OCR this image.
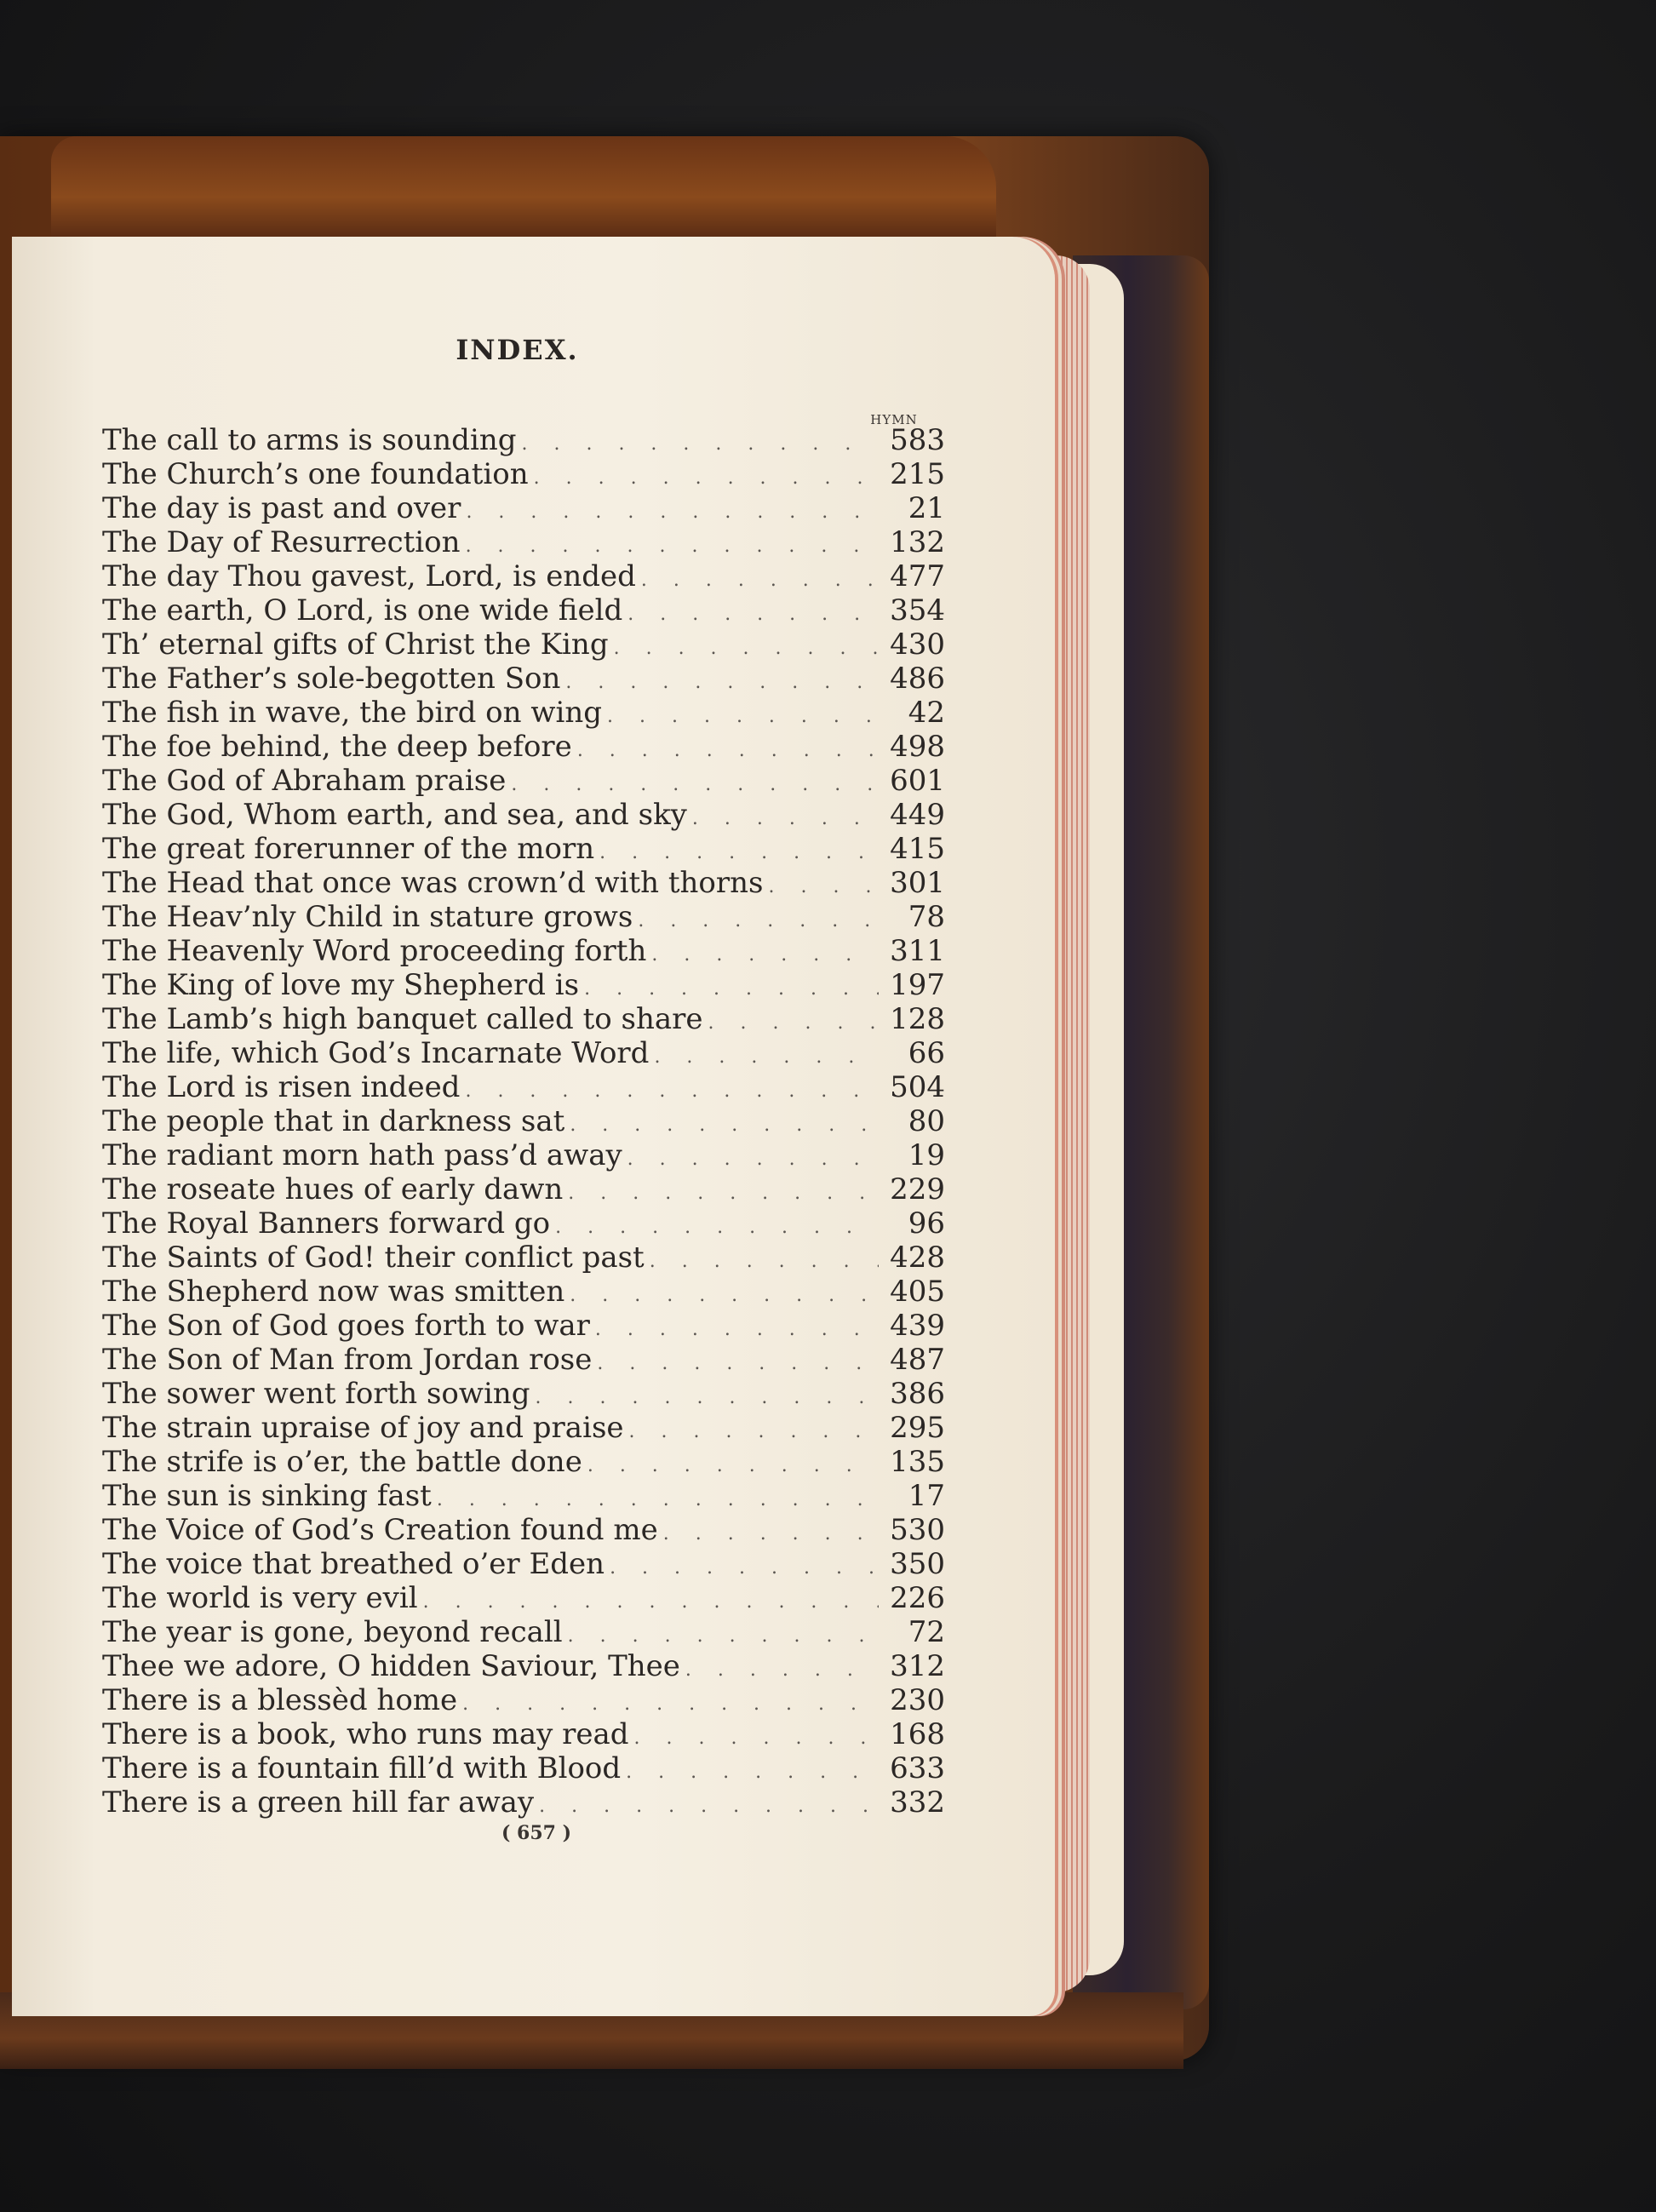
INDEX.
HYMN
The call to arms is sounding . . .	583
The Church’s one foundation . . .	215
The day is past and over . . .	21
The Day of Resurrection . . .	132
The day Thou gavest, Lord, is ended . . .	477
The earth, O Lord, is one wide field . . .	354
Th’ eternal gifts of Christ the King . . .	430
The Father’s sole-begotten Son . . .	486
The fish in wave, the bird on wing . . .	42
The foe behind, the deep before . . .	498
The God of Abraham praise . . .	601
The God, Whom earth, and sea, and sky . . .	449
The great forerunner of the morn . . .	415
The Head that once was crown’d with thorns . . .	301
The Heav’nly Child in stature grows . . .	78
The Heavenly Word proceeding forth . . .	311
The King of love my Shepherd is . . .	197
The Lamb’s high banquet called to share . . .	128
The life, which God’s Incarnate Word . . .	66
The Lord is risen indeed . . .	504
The people that in darkness sat . . .	80
The radiant morn hath pass’d away . . .	19
The roseate hues of early dawn . . .	229
The Royal Banners forward go . . .	96
The Saints of God! their conflict past . . .	428
The Shepherd now was smitten . . .	405
The Son of God goes forth to war . . .	439
The Son of Man from Jordan rose . . .	487
The sower went forth sowing . . .	386
The strain upraise of joy and praise . . .	295
The strife is o’er, the battle done . . .	135
The sun is sinking fast . . .	17
The Voice of God’s Creation found me . . .	530
The voice that breathed o’er Eden . . .	350
The world is very evil . . .	226
The year is gone, beyond recall . . .	72
Thee we adore, O hidden Saviour, Thee . . .	312
There is a blessèd home . . .	230
There is a book, who runs may read . . .	168
There is a fountain fill’d with Blood . . .	633
There is a green hill far away . . .	332
( 657 )
